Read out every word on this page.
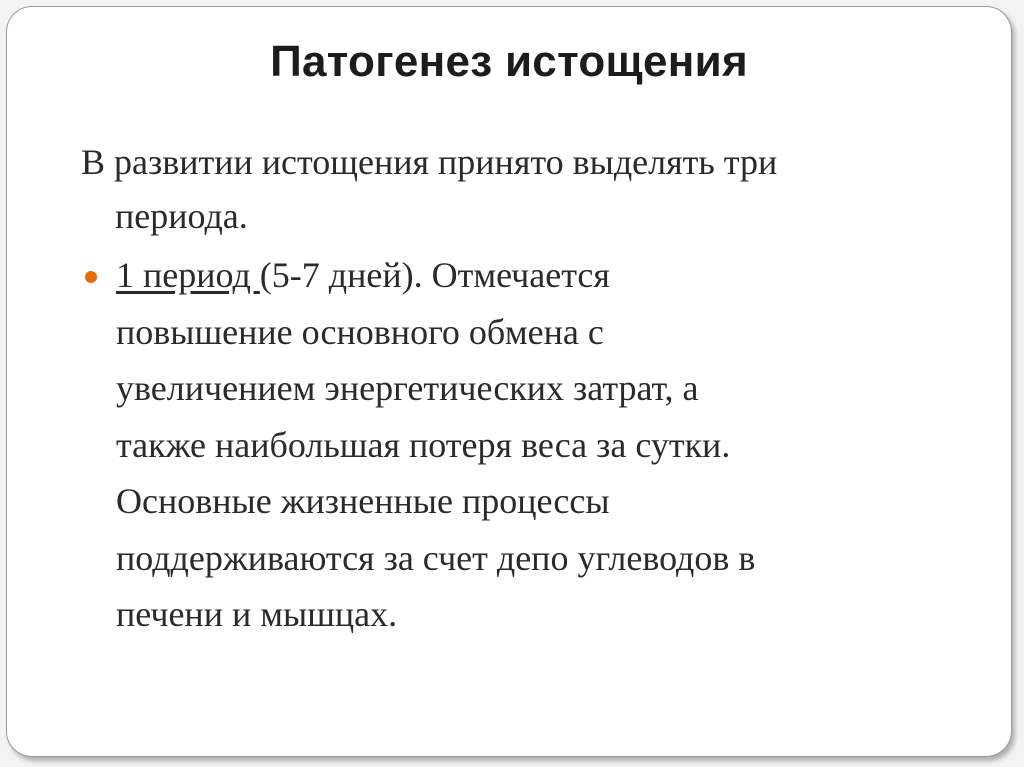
Патогенез истощения
В развитии истощения принято выделять три
периода.
1 период (5-7 дней). Отмечается
повышение основного обмена с
увеличением энергетических затрат, а
также наибольшая потеря веса за сутки.
Основные жизненные процессы
поддерживаются за счет депо углеводов в
печени и мышцах.
